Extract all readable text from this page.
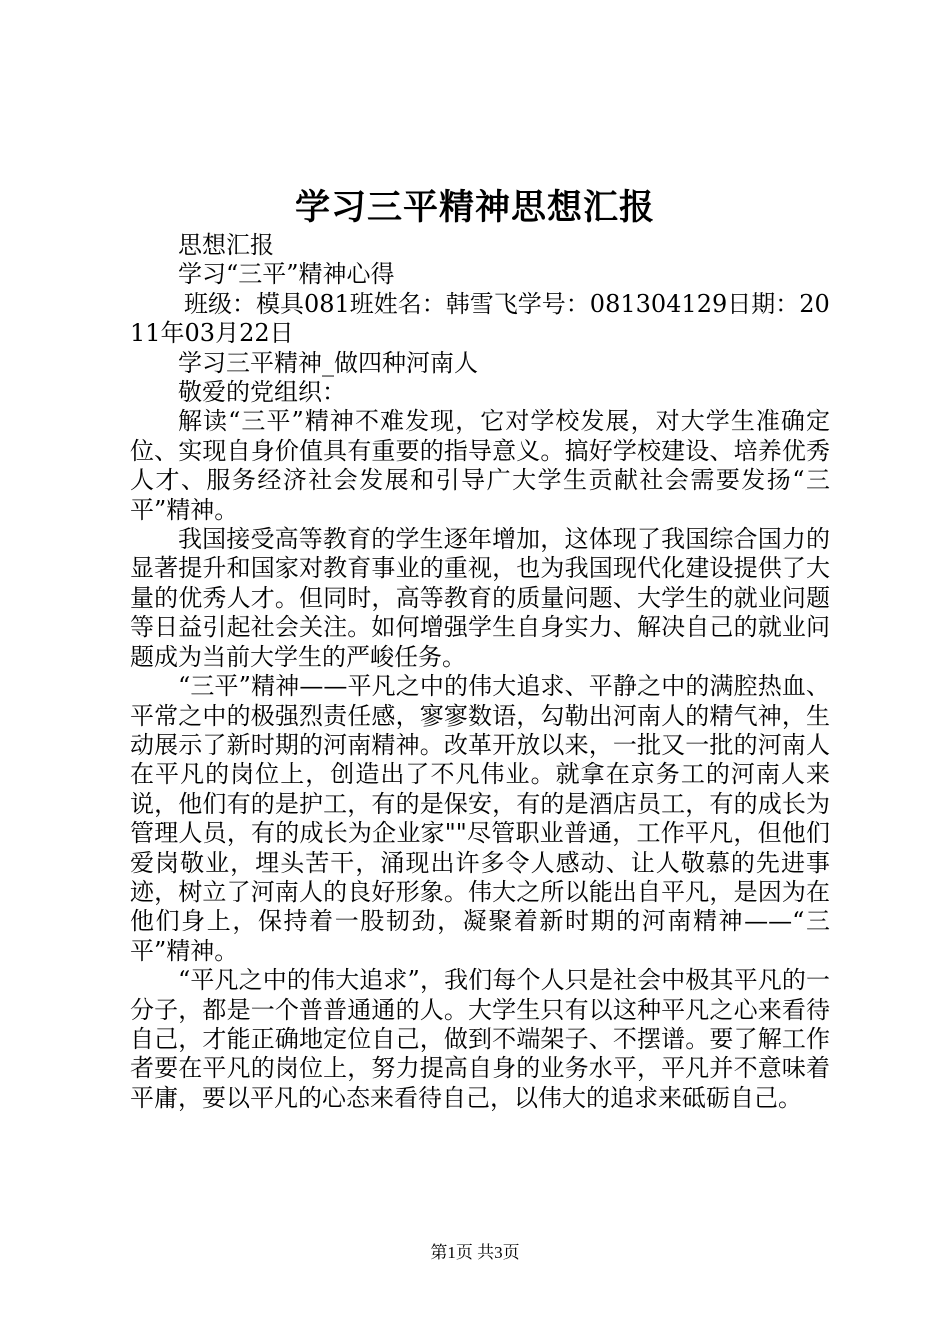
学习三平精神思想汇报

思想汇报

学习“三平”精神心得

班级：模具081班姓名：韩雪飞学号：081304129日期：2011年03月22日

学习三平精神_做四种河南人

敬爱的党组织：

解读“三平”精神不难发现，它对学校发展，对大学生准确定位、实现自身价值具有重要的指导意义。搞好学校建设、培养优秀人才、服务经济社会发展和引导广大学生贡献社会需要发扬“三平”精神。

我国接受高等教育的学生逐年增加，这体现了我国综合国力的显著提升和国家对教育事业的重视，也为我国现代化建设提供了大量的优秀人才。但同时，高等教育的质量问题、大学生的就业问题等日益引起社会关注。如何增强学生自身实力、解决自己的就业问题成为当前大学生的严峻任务。

“三平”精神——平凡之中的伟大追求、平静之中的满腔热血、平常之中的极强烈责任感，寥寥数语，勾勒出河南人的精气神，生动展示了新时期的河南精神。改革开放以来，一批又一批的河南人在平凡的岗位上，创造出了不凡伟业。就拿在京务工的河南人来说，他们有的是护工，有的是保安，有的是酒店员工，有的成长为管理人员，有的成长为企业家""尽管职业普通，工作平凡，但他们爱岗敬业，埋头苦干，涌现出许多令人感动、让人敬慕的先进事迹，树立了河南人的良好形象。伟大之所以能出自平凡，是因为在他们身上，保持着一股韧劲，凝聚着新时期的河南精神——“三平”精神。

“平凡之中的伟大追求”，我们每个人只是社会中极其平凡的一分子，都是一个普普通通的人。大学生只有以这种平凡之心来看待自己，才能正确地定位自己，做到不端架子、不摆谱。要了解工作者要在平凡的岗位上，努力提高自身的业务水平，平凡并不意味着平庸，要以平凡的心态来看待自己，以伟大的追求来砥砺自己。

第1页 共3页
